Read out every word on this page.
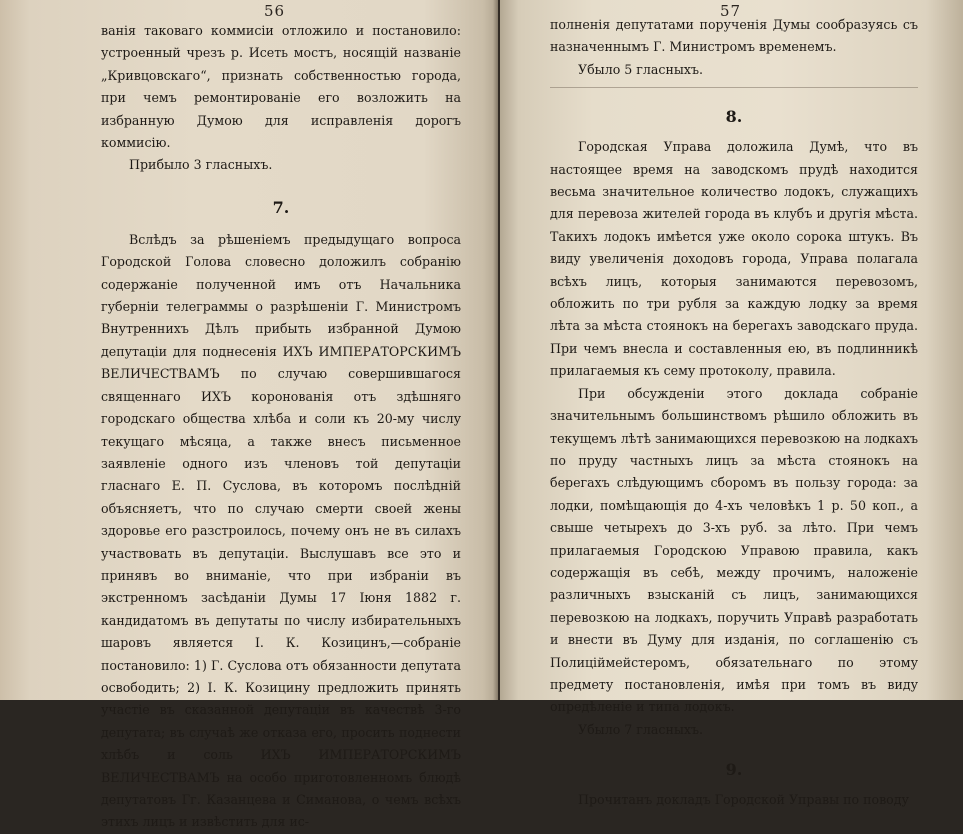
56

ванія таковаго коммисіи отложило и постановило: устроенный чрезъ р. Исеть мостъ, носящій названіе „Кривцовскаго“, признать собственностью города, при чемъ ремонтированіе его возложить на избранную Думою для исправленія дорогъ коммисію.

Прибыло 3 гласныхъ.

7.

Вслѣдъ за рѣшеніемъ предыдущаго вопроса Городской Голова словесно доложилъ собранію содержаніе полученной имъ отъ Начальника губерніи телеграммы о разрѣшеніи Г. Министромъ Внутреннихъ Дѣлъ прибыть избранной Думою депутаціи для поднесенія ИХЪ ИМПЕРАТОРСКИМЪ ВЕЛИЧЕСТВАМЪ по случаю совершившагося священнаго ИХЪ коронованія отъ здѣшняго городскаго общества хлѣба и соли къ 20-му числу текущаго мѣсяца, а также внесъ письменное заявленіе одного изъ членовъ той депутаціи гласнаго Е. П. Суслова, въ которомъ послѣдній объясняетъ, что по случаю смерти своей жены здоровье его разстроилось, почему онъ не въ силахъ участвовать въ депутаціи. Выслушавъ все это и принявъ во вниманіе, что при избраніи въ экстренномъ засѣданіи Думы 17 Іюня 1882 г. кандидатомъ въ депутаты по числу избирательныхъ шаровъ являетcя І. К. Козицинъ,—собраніе постановило: 1) Г. Суслова отъ обязанности депутата освободить; 2) І. К. Козицину предложить принять участіе въ сказанной депутаціи въ качествѣ 3-го депутата; въ случаѣ же отказа его, просить поднести хлѣбъ и соль ИХЪ ИМПЕРАТОРСКИМЪ ВЕЛИЧЕСТВАМЪ на особо приготовленномъ блюдѣ депутатовъ Гг. Казанцева и Симанова, о чемъ всѣхъ этихъ лицъ и извѣстить для ис-

57

полненія депутатами порученія Думы сообразуясь съ назначеннымъ Г. Министромъ временемъ.

Убыло 5 гласныхъ.

8.

Городская Управа доложила Думѣ, что въ настоящее время на заводскомъ прудѣ находится весьма значительное количество лодокъ, служащихъ для перевоза жителей города въ клубъ и другія мѣста. Такихъ лодокъ имѣется уже около сорока штукъ. Въ виду увеличенія доходовъ города, Управа полагала всѣхъ лицъ, которыя занимаются перевозомъ, обложить по три рубля за каждую лодку за время лѣта за мѣста стоянокъ на берегахъ заводскаго пруда. При чемъ внесла и составленныя ею, въ подлинникѣ прилагаемыя къ сему протоколу, правила.

При обсужденіи этого доклада собраніе значительнымъ большинствомъ рѣшило обложить въ текущемъ лѣтѣ занимающихся перевозкою на лодкахъ по пруду частныхъ лицъ за мѣста стоянокъ на берегахъ слѣдующимъ сборомъ въ пользу города: за лодки, помѣщающія до 4-хъ человѣкъ 1 р. 50 коп., а свыше четырехъ до 3-хъ руб. за лѣто. При чемъ прилагаемыя Городскою Управою правила, какъ содержащія въ себѣ, между прочимъ, наложеніе различныхъ взысканій съ лицъ, занимающихся перевозкою на лодкахъ, поручить Управѣ разработать и внести въ Думу для изданія, по соглашенію съ Полиціймейстеромъ, обязательнаго по этому предмету постановленія, имѣя при томъ въ виду опредѣленіе и типа лодокъ.

Убыло 7 гласныхъ.

9.

Прочитанъ докладъ Городской Управы по поводу
